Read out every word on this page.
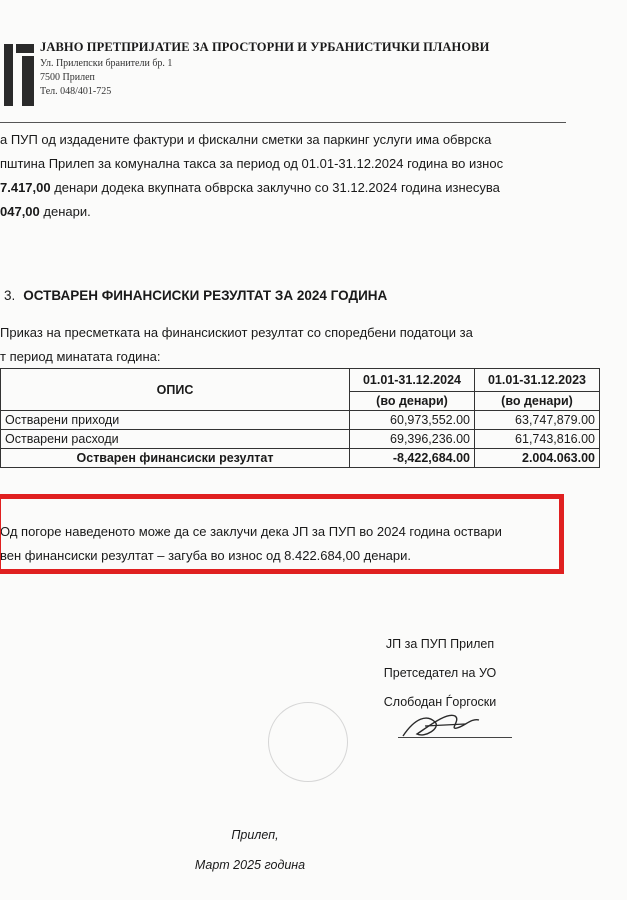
ЈАВНО ПРЕТПРИЈАТИЕ ЗА ПРОСТОРНИ И УРБАНИСТИЧКИ ПЛАНОВИ
Ул. Прилепски бранители бр. 1
7500 Прилеп
Тел. 048/401-725
а ПУП од издадените фактури и фискални сметки за паркинг услуги има обврска
пштина Прилеп за комунална такса за период од 01.01-31.12.2024 година во износ
7.417,00 денари додека вкупната обврска заклучно со 31.12.2024 година изнесува
047,00 денари.
3. ОСТВАРЕН ФИНАНСИСКИ РЕЗУЛТАТ ЗА 2024 ГОДИНА
Приказ на пресметката на финансискиот резултат со споредбени податоци за
т период минатата година:
ОПИС	01.01-31.12.2024	01.01-31.12.2023
	(во денари)	(во денари)
Остварени приходи	60,973,552.00	63,747,879.00
Остварени расходи	69,396,236.00	61,743,816.00
Остварен финансиски резултат	-8,422,684.00	2.004.063.00
Од погоре наведеното може да се заклучи дека ЈП за ПУП во 2024 година оствари
вен финансиски резултат – загуба во износ од 8.422.684,00 денари.
ЈП за ПУП Прилеп
Претседател на УО
Слободан Ѓоргоски
Прилеп,
Март 2025 година
